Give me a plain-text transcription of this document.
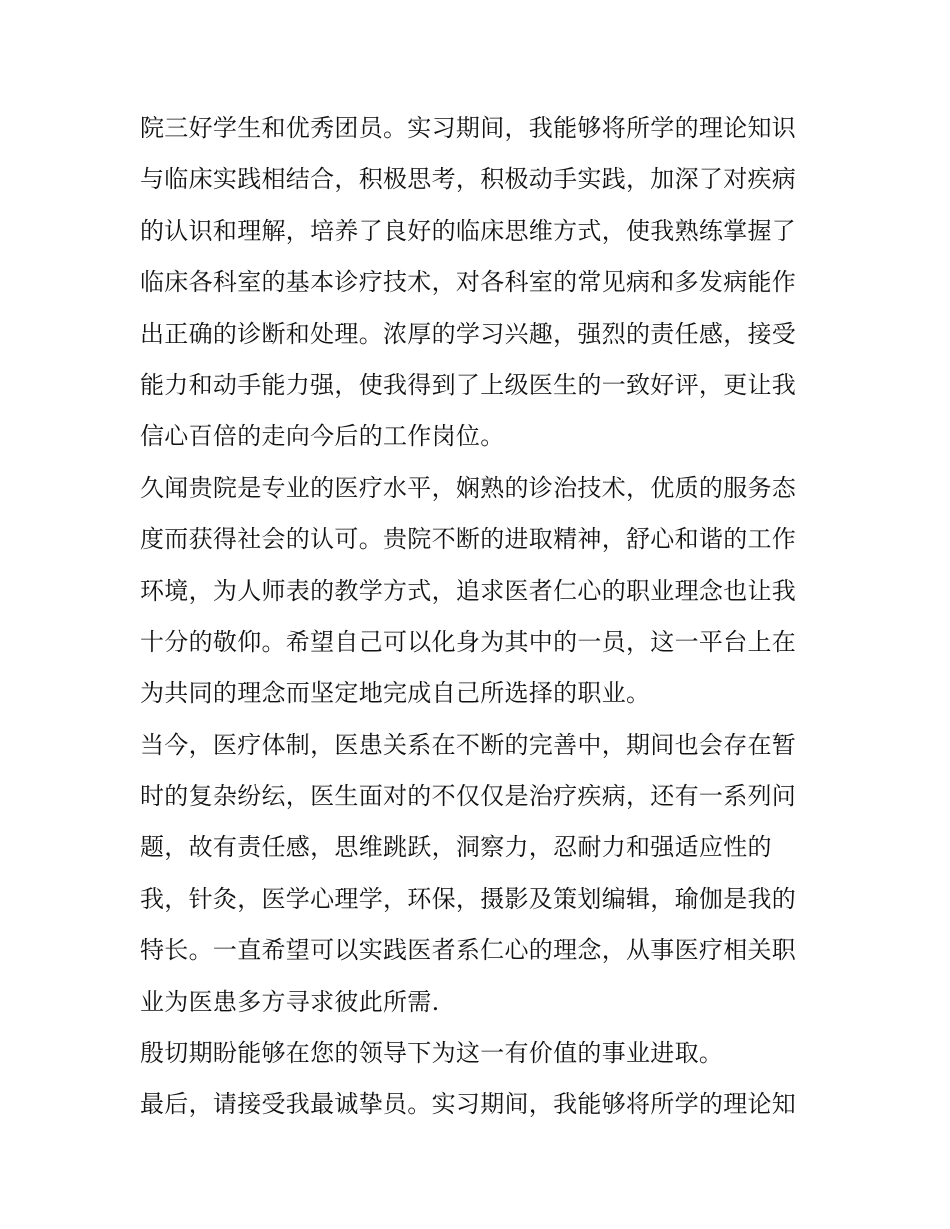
院三好学生和优秀团员。实习期间，我能够将所学的理论知识
与临床实践相结合，积极思考，积极动手实践，加深了对疾病
的认识和理解，培养了良好的临床思维方式，使我熟练掌握了
临床各科室的基本诊疗技术，对各科室的常见病和多发病能作
出正确的诊断和处理。浓厚的学习兴趣，强烈的责任感，接受
能力和动手能力强，使我得到了上级医生的一致好评，更让我
信心百倍的走向今后的工作岗位。
久闻贵院是专业的医疗水平，娴熟的诊治技术，优质的服务态
度而获得社会的认可。贵院不断的进取精神，舒心和谐的工作
环境，为人师表的教学方式，追求医者仁心的职业理念也让我
十分的敬仰。希望自己可以化身为其中的一员，这一平台上在
为共同的理念而坚定地完成自己所选择的职业。
当今，医疗体制，医患关系在不断的完善中，期间也会存在暂
时的复杂纷纭，医生面对的不仅仅是治疗疾病，还有一系列问
题，故有责任感，思维跳跃，洞察力，忍耐力和强适应性的
我，针灸，医学心理学，环保，摄影及策划编辑，瑜伽是我的
特长。一直希望可以实践医者系仁心的理念，从事医疗相关职
业为医患多方寻求彼此所需.
殷切期盼能够在您的领导下为这一有价值的事业进取。
最后，请接受我最诚挚员。实习期间，我能够将所学的理论知
